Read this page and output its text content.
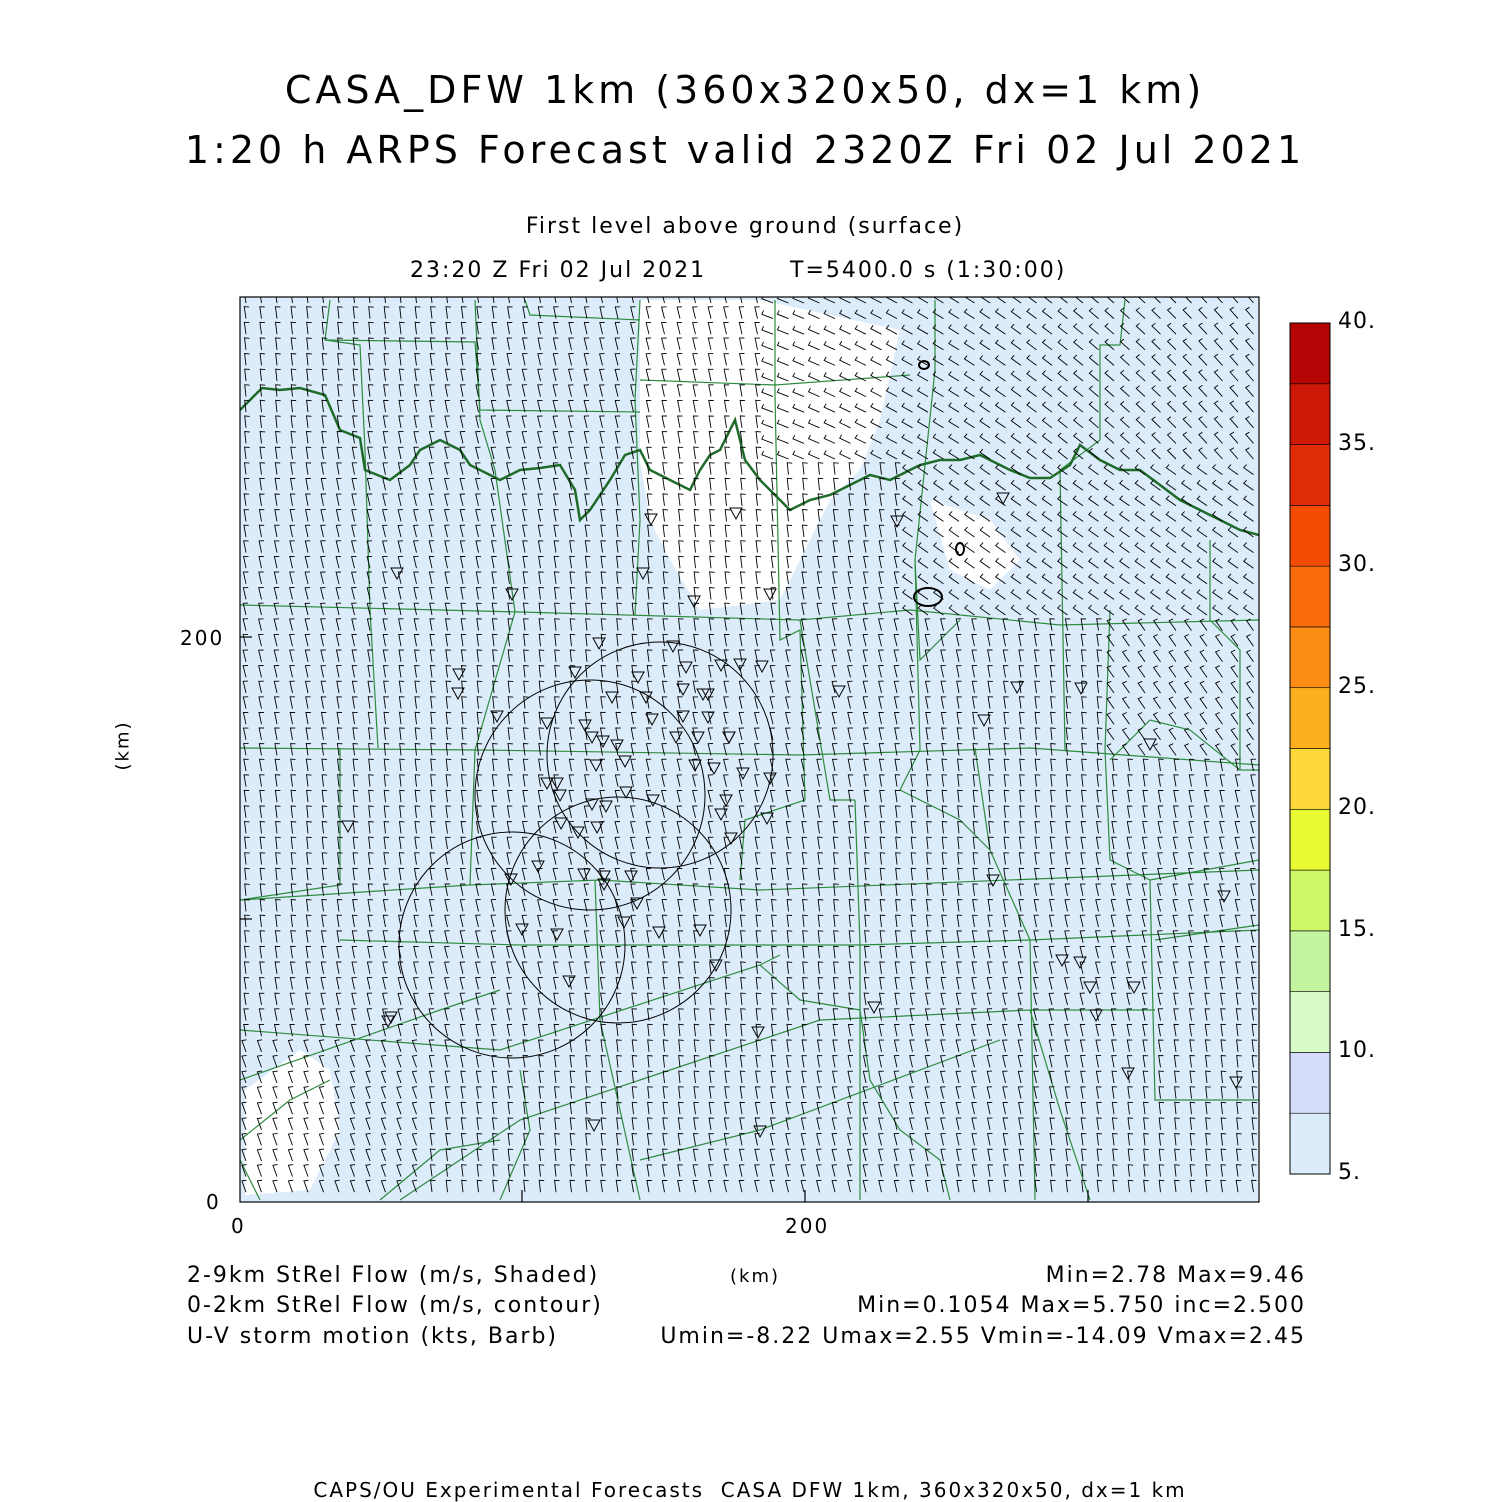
CASA_DFW 1km (360x320x50, dx=1 km)
1:20 h ARPS Forecast valid 2320Z Fri 02 Jul 2021
First level above ground (surface)
23:20 Z Fri 02 Jul 2021	T=5400.0 s (1:30:00)
200
0
0	200
(km)
5.
10.
15.
20.
25.
30.
35.
40.
2-9km StRel Flow (m/s, Shaded)	(km)	Min=2.78 Max=9.46
0-2km StRel Flow (m/s, contour)	Min=0.1054 Max=5.750 inc=2.500
U-V storm motion (kts, Barb)	Umin=-8.22 Umax=2.55 Vmin=-14.09 Vmax=2.45
CAPS/OU Experimental Forecasts  CASA DFW 1km, 360x320x50, dx=1 km
